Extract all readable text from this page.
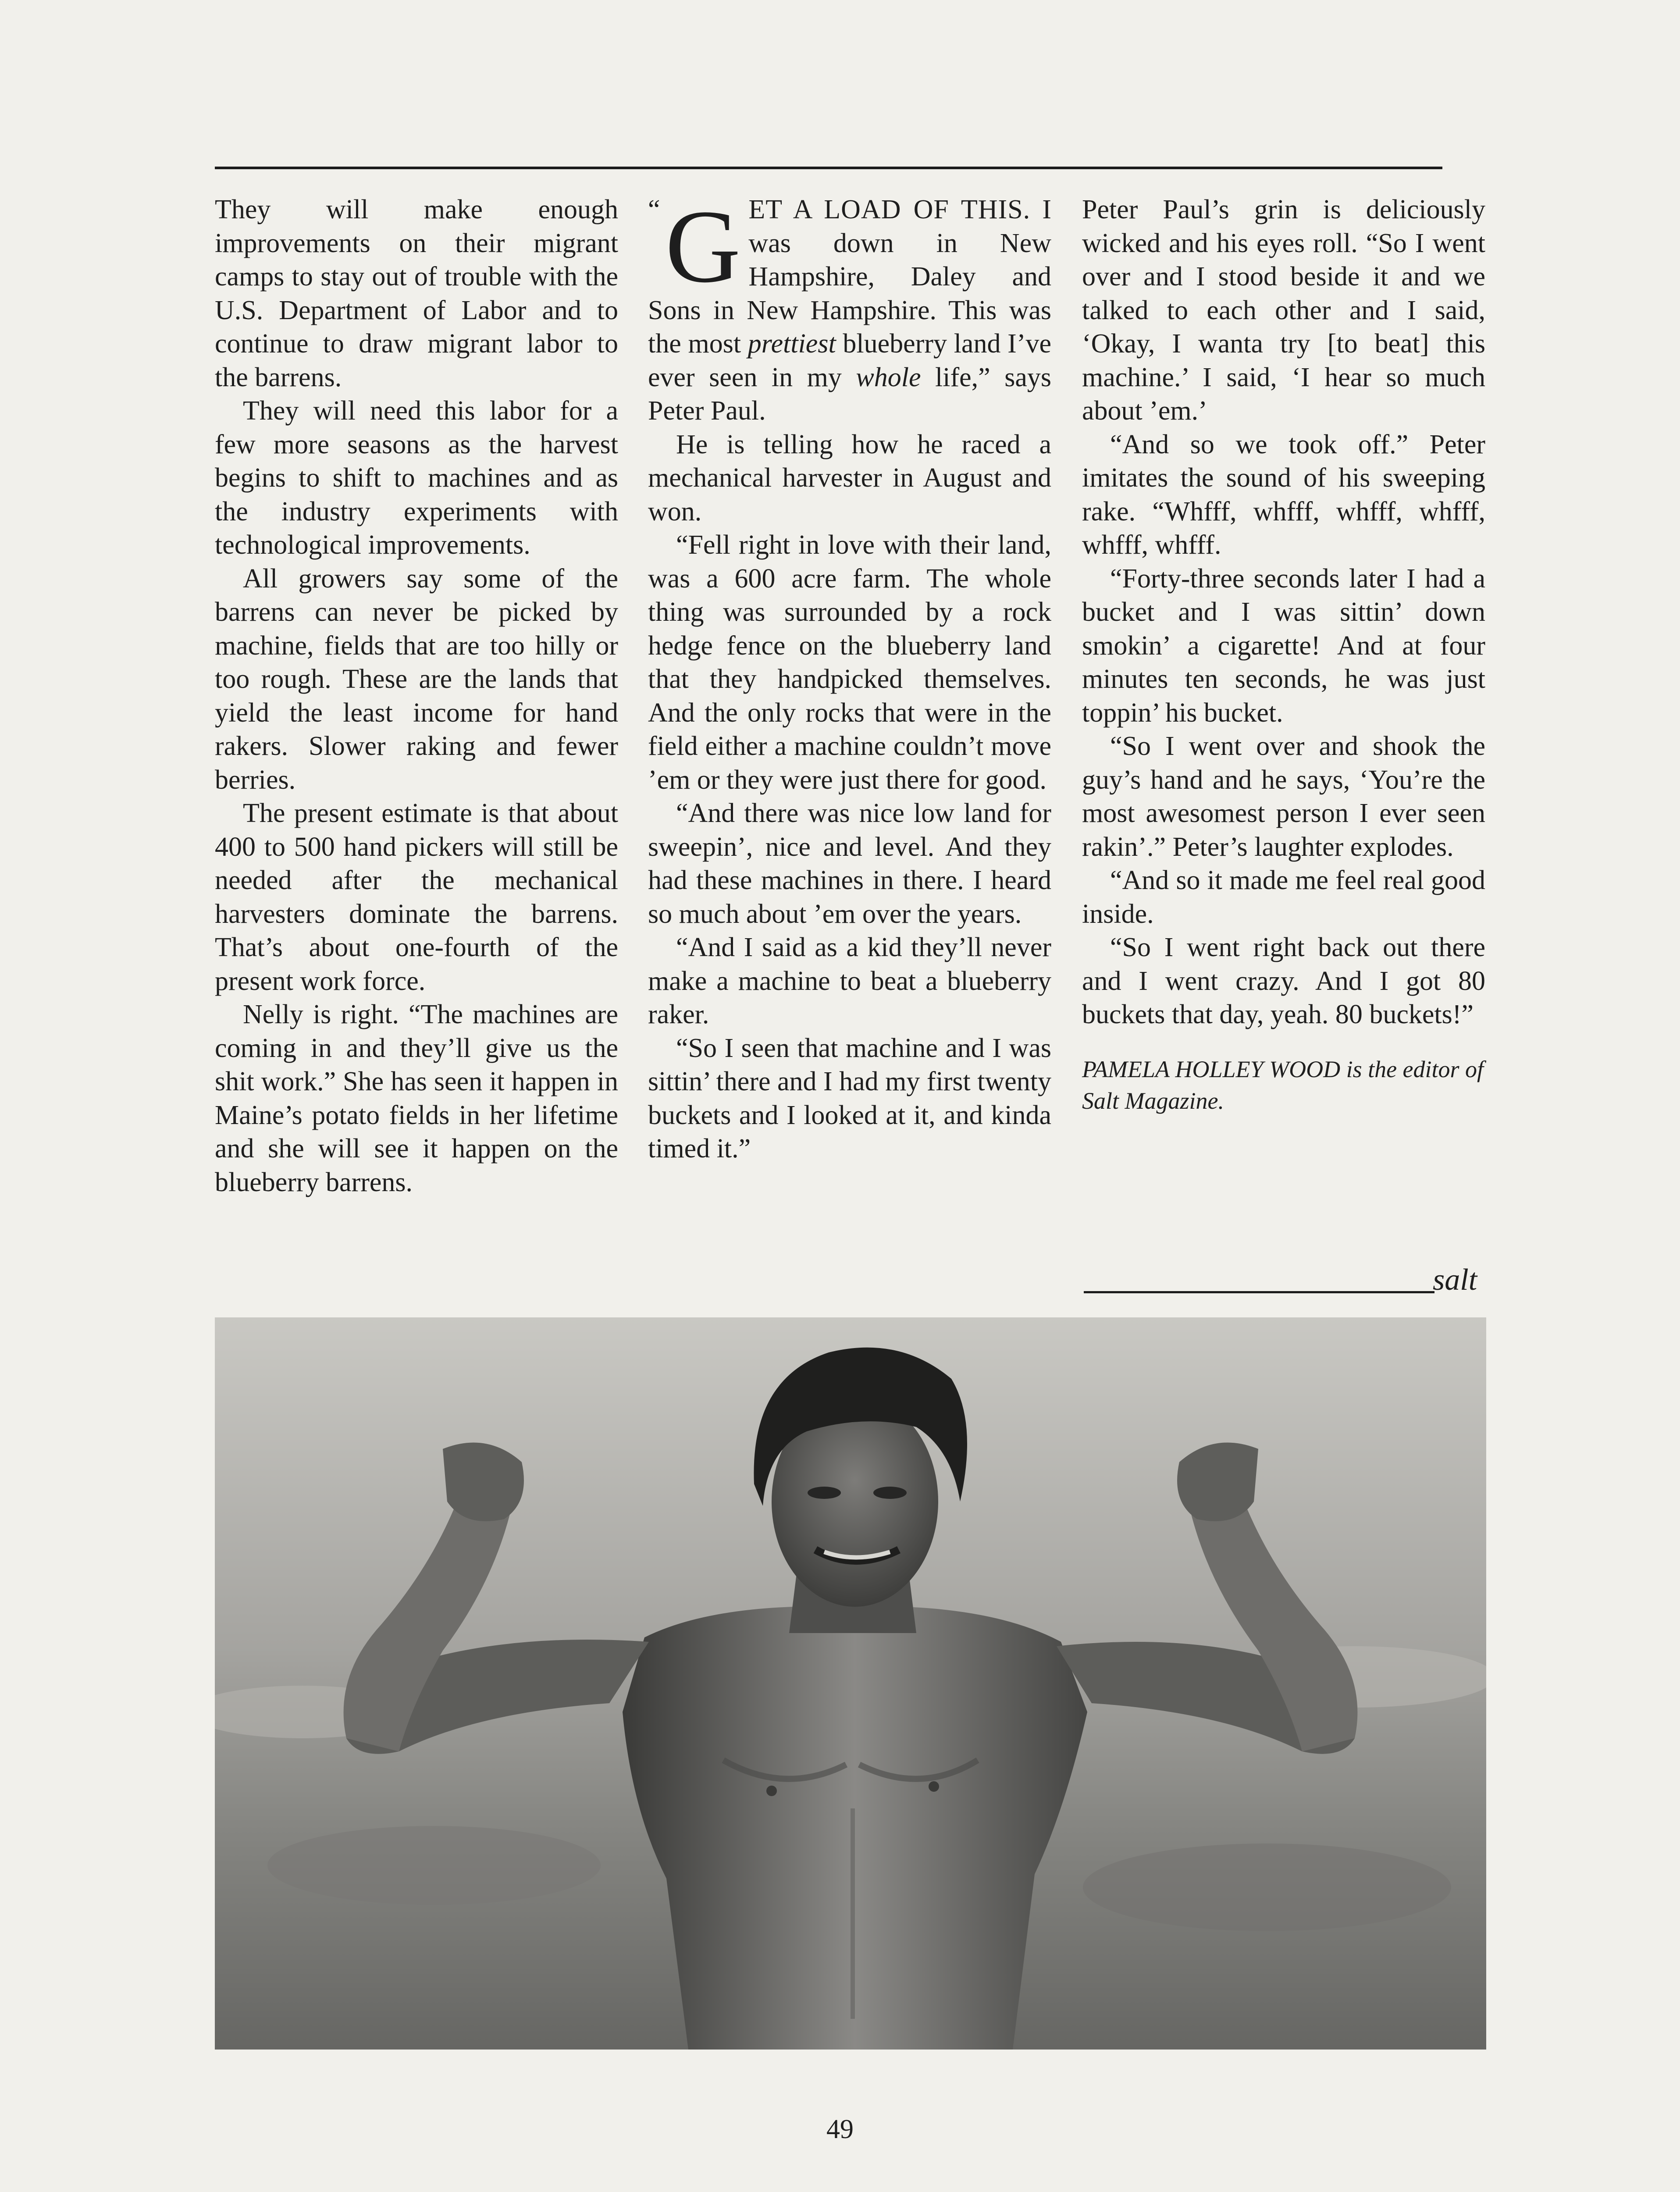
They will make enough improvements on their migrant camps to stay out of trouble with the U.S. Department of Labor and to continue to draw migrant labor to the barrens.

They will need this labor for a few more seasons as the harvest begins to shift to machines and as the industry experiments with technological improvements.

All growers say some of the barrens can never be picked by machine, fields that are too hilly or too rough. These are the lands that yield the least income for hand rakers. Slower raking and fewer berries.

The present estimate is that about 400 to 500 hand pickers will still be needed after the mechanical harvesters dominate the barrens. That’s about one-fourth of the present work force.

Nelly is right. “The machines are coming in and they’ll give us the shit work.” She has seen it happen in Maine’s potato fields in her lifetime and she will see it happen on the blueberry barrens.

“ G ET A LOAD OF THIS. I was down in New Hampshire, Daley and Sons in New Hampshire. This was the most prettiest blueberry land I’ve ever seen in my whole life,” says Peter Paul.

He is telling how he raced a mechanical harvester in August and won.

“Fell right in love with their land, was a 600 acre farm. The whole thing was surrounded by a rock hedge fence on the blueberry land that they handpicked themselves. And the only rocks that were in the field either a machine couldn’t move ’em or they were just there for good.

“And there was nice low land for sweepin’, nice and level. And they had these machines in there. I heard so much about ’em over the years.

“And I said as a kid they’ll never make a machine to beat a blueberry raker.

“So I seen that machine and I was sittin’ there and I had my first twenty buckets and I looked at it, and kinda timed it.”

Peter Paul’s grin is deliciously wicked and his eyes roll. “So I went over and I stood beside it and we talked to each other and I said, ‘Okay, I wanta try [to beat] this machine.’ I said, ‘I hear so much about ’em.’

“And so we took off.” Peter imitates the sound of his sweeping rake. “Whfff, whfff, whfff, whfff, whfff, whfff.

“Forty-three seconds later I had a bucket and I was sittin’ down smokin’ a cigarette! And at four minutes ten seconds, he was just toppin’ his bucket.

“So I went over and shook the guy’s hand and he says, ‘You’re the most awesomest person I ever seen rakin’.” Peter’s laughter explodes.

“And so it made me feel real good inside.

“So I went right back out there and I went crazy. And I got 80 buckets that day, yeah. 80 buckets!”

PAMELA HOLLEY WOOD is the editor of Salt Magazine.

salt
49
